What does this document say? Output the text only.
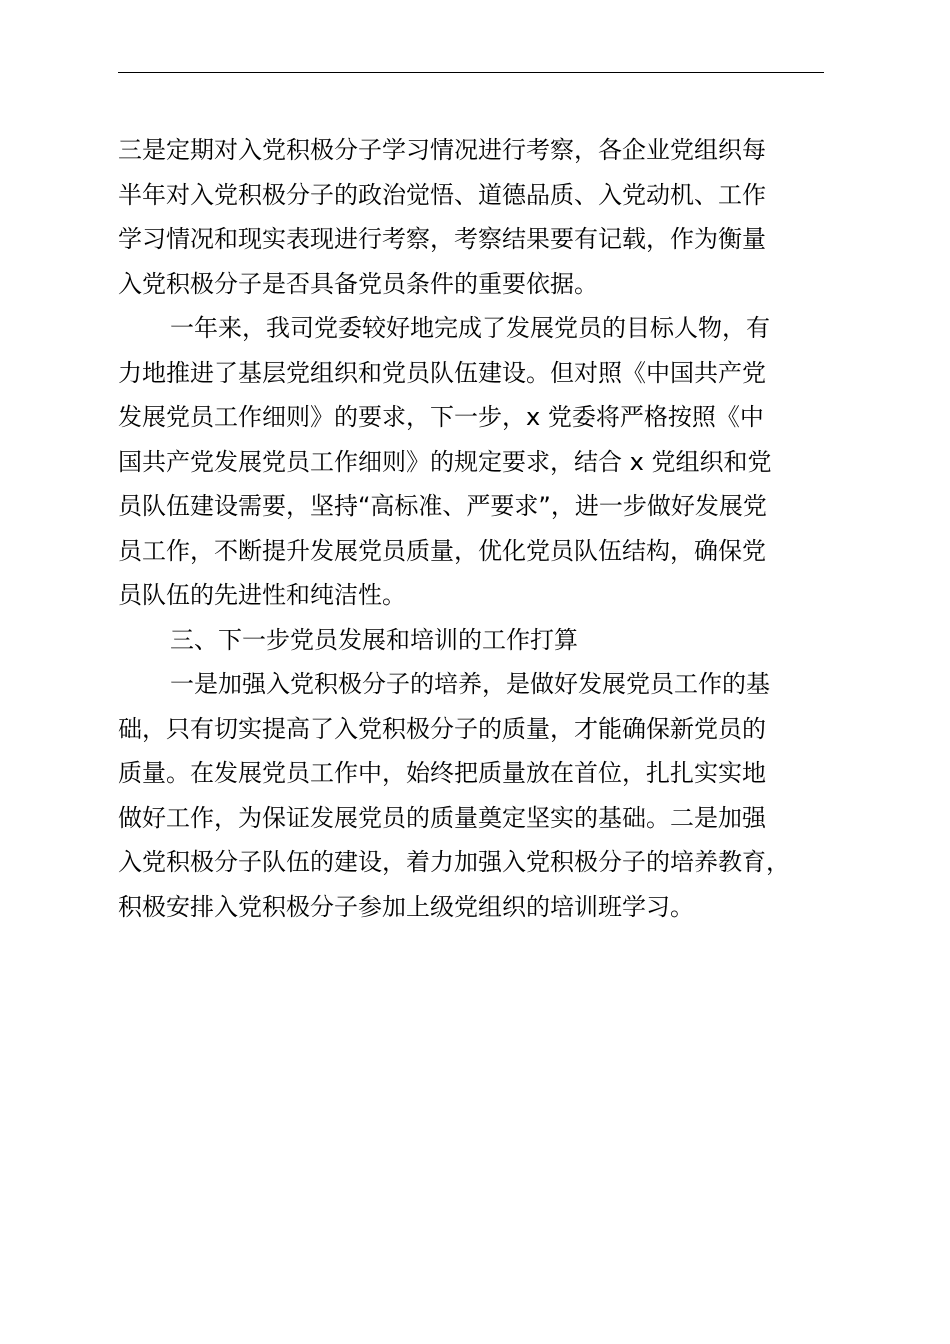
三是定期对入党积极分子学习情况进行考察，各企业党组织每
半年对入党积极分子的政治觉悟、道德品质、入党动机、工作
学习情况和现实表现进行考察，考察结果要有记载，作为衡量
入党积极分子是否具备党员条件的重要依据。
一年来，我司党委较好地完成了发展党员的目标人物，有
力地推进了基层党组织和党员队伍建设。但对照《中国共产党
发展党员工作细则》的要求，下一步，x 党委将严格按照《中
国共产党发展党员工作细则》的规定要求，结合 x 党组织和党
员队伍建设需要，坚持“高标准、严要求”，进一步做好发展党
员工作，不断提升发展党员质量，优化党员队伍结构，确保党
员队伍的先进性和纯洁性。
三、下一步党员发展和培训的工作打算
一是加强入党积极分子的培养，是做好发展党员工作的基
础，只有切实提高了入党积极分子的质量，才能确保新党员的
质量。在发展党员工作中，始终把质量放在首位，扎扎实实地
做好工作，为保证发展党员的质量奠定坚实的基础。二是加强
入党积极分子队伍的建设，着力加强入党积极分子的培养教育，
积极安排入党积极分子参加上级党组织的培训班学习。
